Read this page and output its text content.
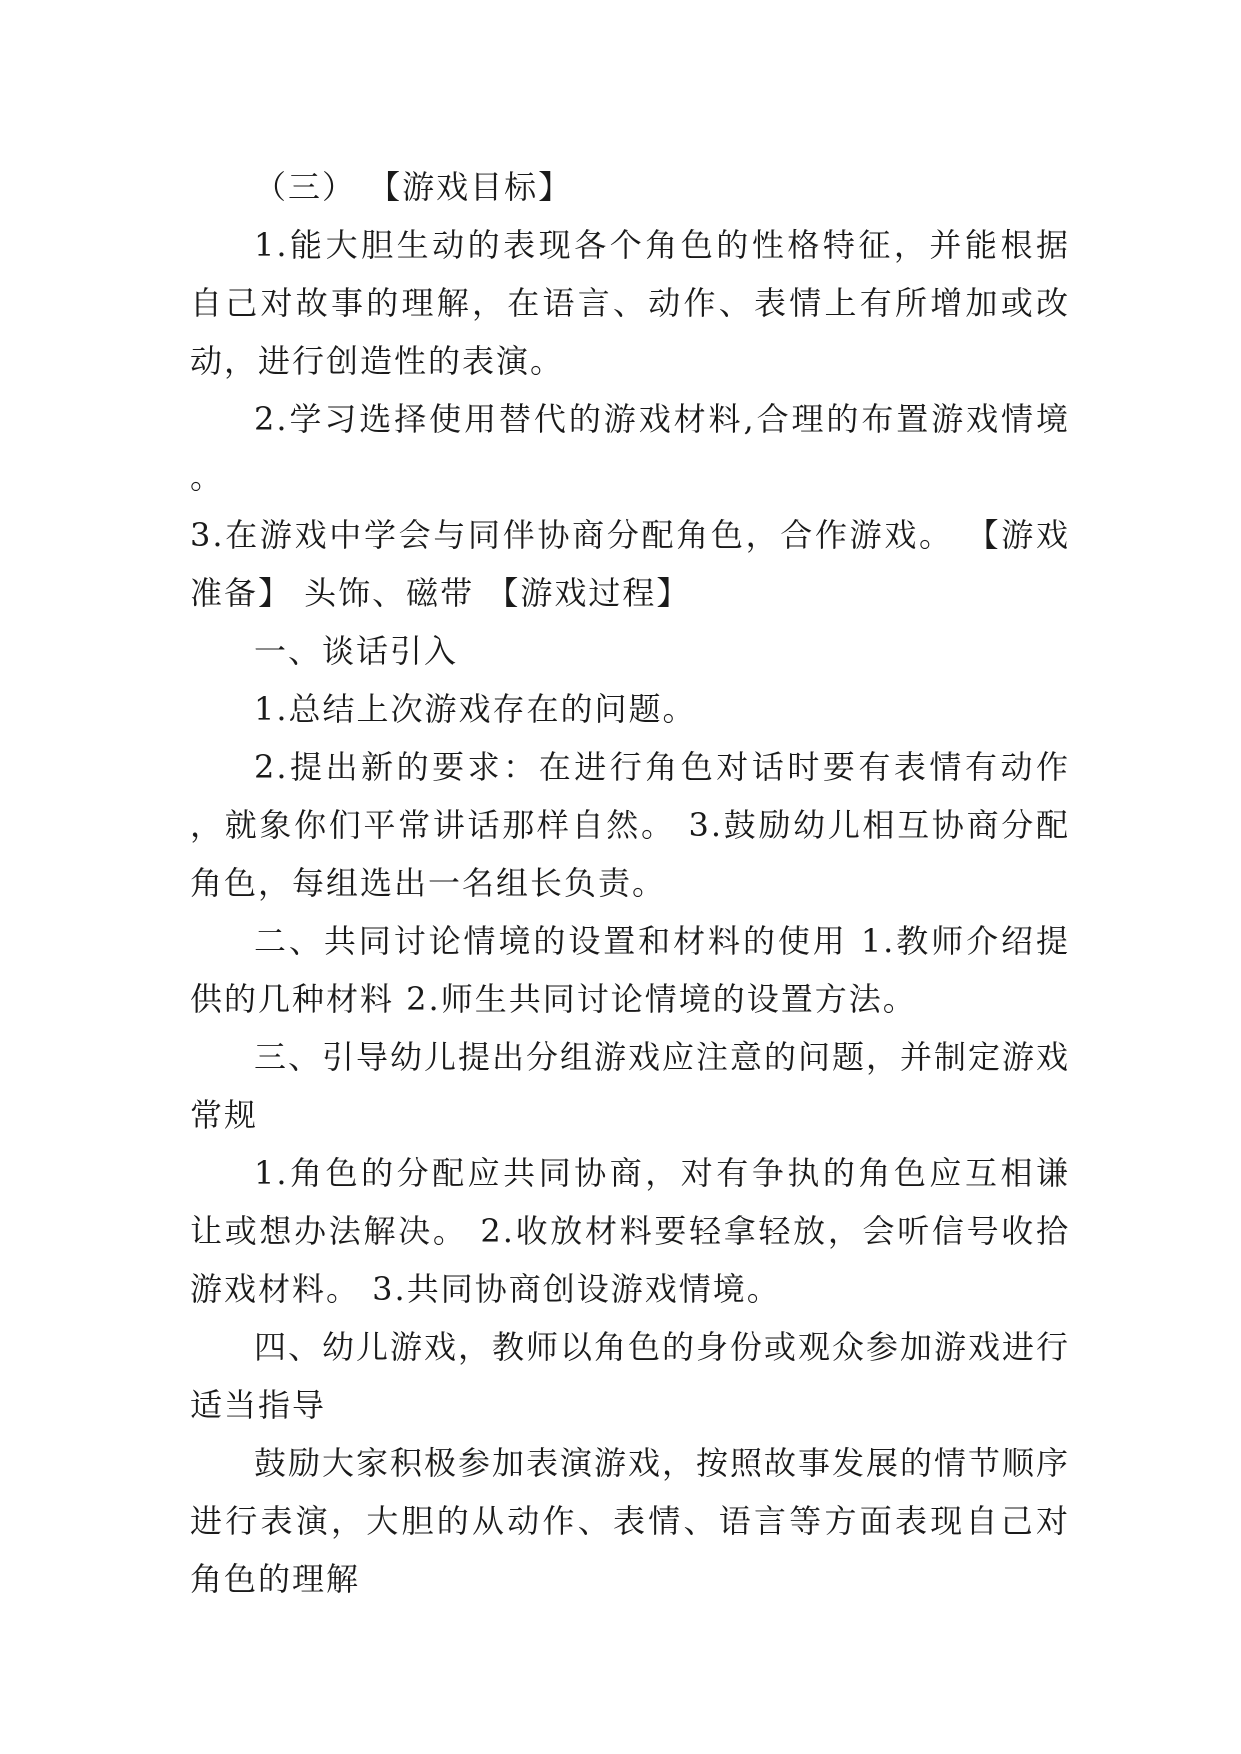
（三） 【游戏目标】

1.能大胆生动的表现各个角色的性格特征，并能根据自己对故事的理解，在语言、动作、表情上有所增加或改动，进行创造性的表演。

2.学习选择使用替代的游戏材料,合理的布置游戏情境。

3.在游戏中学会与同伴协商分配角色，合作游戏。 【游戏准备】 头饰、磁带 【游戏过程】

一、谈话引入

1.总结上次游戏存在的问题。

2.提出新的要求：在进行角色对话时要有表情有动作，就象你们平常讲话那样自然。 3.鼓励幼儿相互协商分配角色，每组选出一名组长负责。

二、共同讨论情境的设置和材料的使用 1.教师介绍提供的几种材料 2.师生共同讨论情境的设置方法。

三、引导幼儿提出分组游戏应注意的问题，并制定游戏常规

1.角色的分配应共同协商，对有争执的角色应互相谦让或想办法解决。 2.收放材料要轻拿轻放，会听信号收拾游戏材料。 3.共同协商创设游戏情境。

四、幼儿游戏，教师以角色的身份或观众参加游戏进行适当指导

鼓励大家积极参加表演游戏，按照故事发展的情节顺序进行表演，大胆的从动作、表情、语言等方面表现自己对角色的理解
